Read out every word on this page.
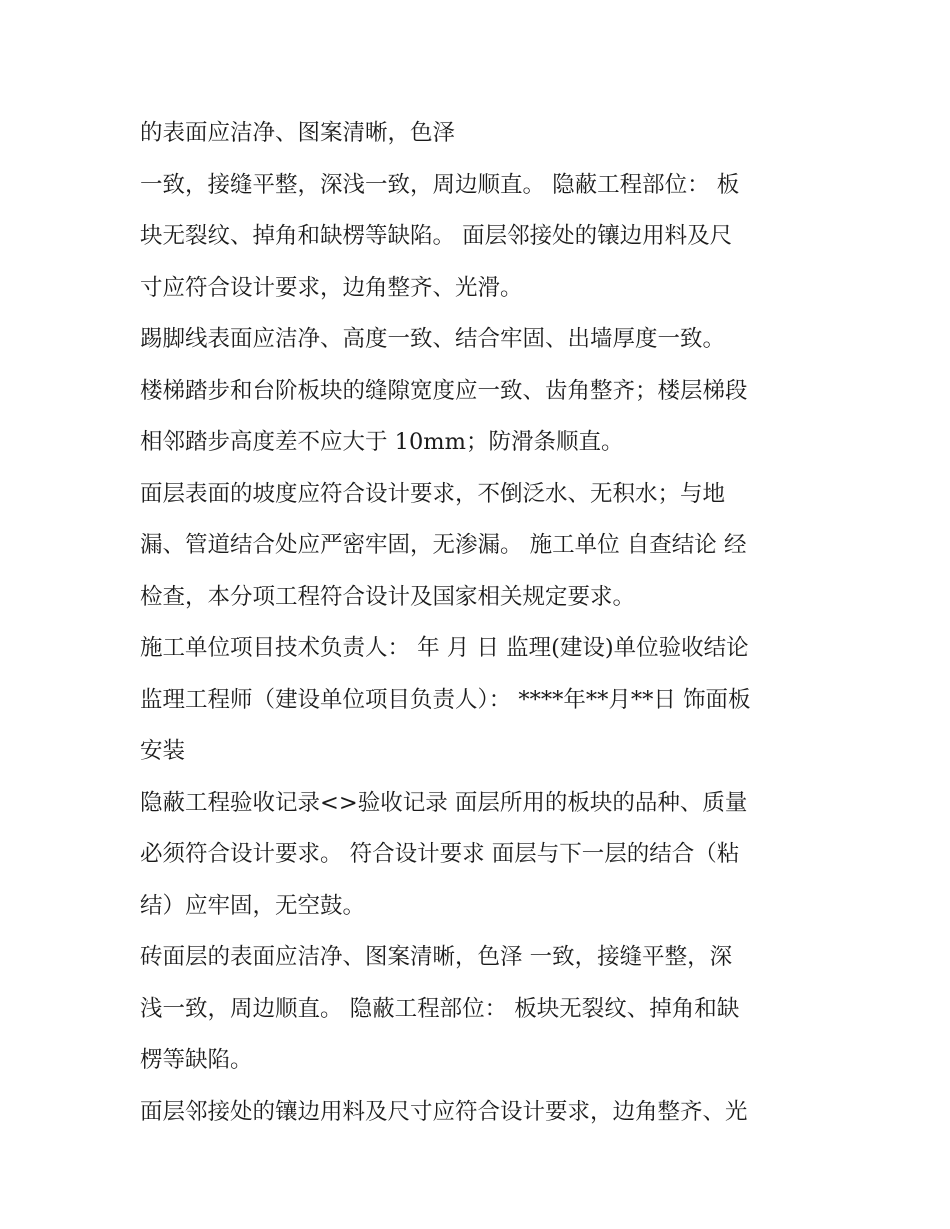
的表面应洁净、图案清晰，色泽

一致，接缝平整，深浅一致，周边顺直。 隐蔽工程部位： 板

块无裂纹、掉角和缺楞等缺陷。 面层邻接处的镶边用料及尺

寸应符合设计要求，边角整齐、光滑。

踢脚线表面应洁净、高度一致、结合牢固、出墙厚度一致。

楼梯踏步和台阶板块的缝隙宽度应一致、齿角整齐；楼层梯段

相邻踏步高度差不应大于 10mm；防滑条顺直。

面层表面的坡度应符合设计要求，不倒泛水、无积水；与地

漏、管道结合处应严密牢固，无渗漏。 施工单位 自查结论 经

检查，本分项工程符合设计及国家相关规定要求。

施工单位项目技术负责人： 年 月 日 监理(建设)单位验收结论

监理工程师（建设单位项目负责人）： ****年**月**日 饰面板

安装

隐蔽工程验收记录<>验收记录 面层所用的板块的品种、质量

必须符合设计要求。 符合设计要求 面层与下一层的结合（粘

结）应牢固，无空鼓。

砖面层的表面应洁净、图案清晰，色泽 一致，接缝平整，深

浅一致，周边顺直。 隐蔽工程部位： 板块无裂纹、掉角和缺

楞等缺陷。

面层邻接处的镶边用料及尺寸应符合设计要求，边角整齐、光
